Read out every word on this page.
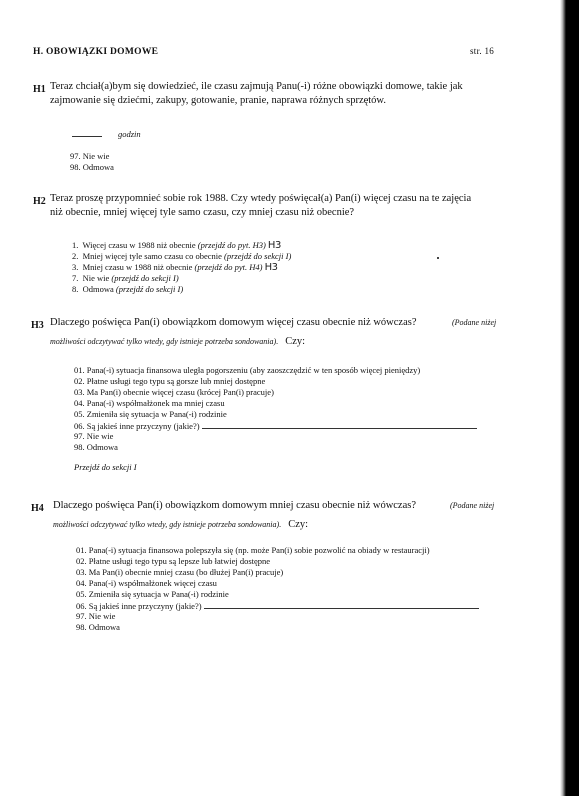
H. OBOWIĄZKI DOMOWE	str. 16
H1 Teraz chciał(a)bym się dowiedzieć, ile czasu zajmują Panu(-i) różne obowiązki domowe, takie jak
zajmowanie się dziećmi, zakupy, gotowanie, pranie, naprawa różnych sprzętów.
godzin
97. Nie wie
98. Odmowa
H2 Teraz proszę przypomnieć sobie rok 1988. Czy wtedy poświęcał(a) Pan(i) więcej czasu na te zajęcia
niż obecnie, mniej więcej tyle samo czasu, czy mniej czasu niż obecnie?
1. Więcej czasu w 1988 niż obecnie (przejdź do pyt. H3) H3
2. Mniej więcej tyle samo czasu co obecnie (przejdź do sekcji I)
3. Mniej czasu w 1988 niż obecnie (przejdź do pyt. H4) H3
7. Nie wie (przejdź do sekcji I)
8. Odmowa (przejdź do sekcji I)
H3 Dlaczego poświęca Pan(i) obowiązkom domowym więcej czasu obecnie niż wówczas?	(Podane niżej
możliwości odczytywać tylko wtedy, gdy istnieje potrzeba sondowania). Czy:
01. Pana(-i) sytuacja finansowa uległa pogorszeniu (aby zaoszczędzić w ten sposób więcej pieniędzy)
02. Płatne usługi tego typu są gorsze lub mniej dostępne
03. Ma Pan(i) obecnie więcej czasu (krócej Pan(i) pracuje)
04. Pana(-i) współmałżonek ma mniej czasu
05. Zmieniła się sytuacja w Pana(-i) rodzinie
06. Są jakieś inne przyczyny (jakie?)
97. Nie wie
98. Odmowa
Przejdź do sekcji I
H4 Dlaczego poświęca Pan(i) obowiązkom domowym mniej czasu obecnie niż wówczas?	(Podane niżej
możliwości odczytywać tylko wtedy, gdy istnieje potrzeba sondowania). Czy:
01. Pana(-i) sytuacja finansowa polepszyła się (np. może Pan(i) sobie pozwolić na obiady w restauracji)
02. Płatne usługi tego typu są lepsze lub łatwiej dostępne
03. Ma Pan(i) obecnie mniej czasu (bo dłużej Pan(i) pracuje)
04. Pana(-i) współmałżonek więcej czasu
05. Zmieniła się sytuacja w Pana(-i) rodzinie
06. Są jakieś inne przyczyny (jakie?)
97. Nie wie
98. Odmowa
